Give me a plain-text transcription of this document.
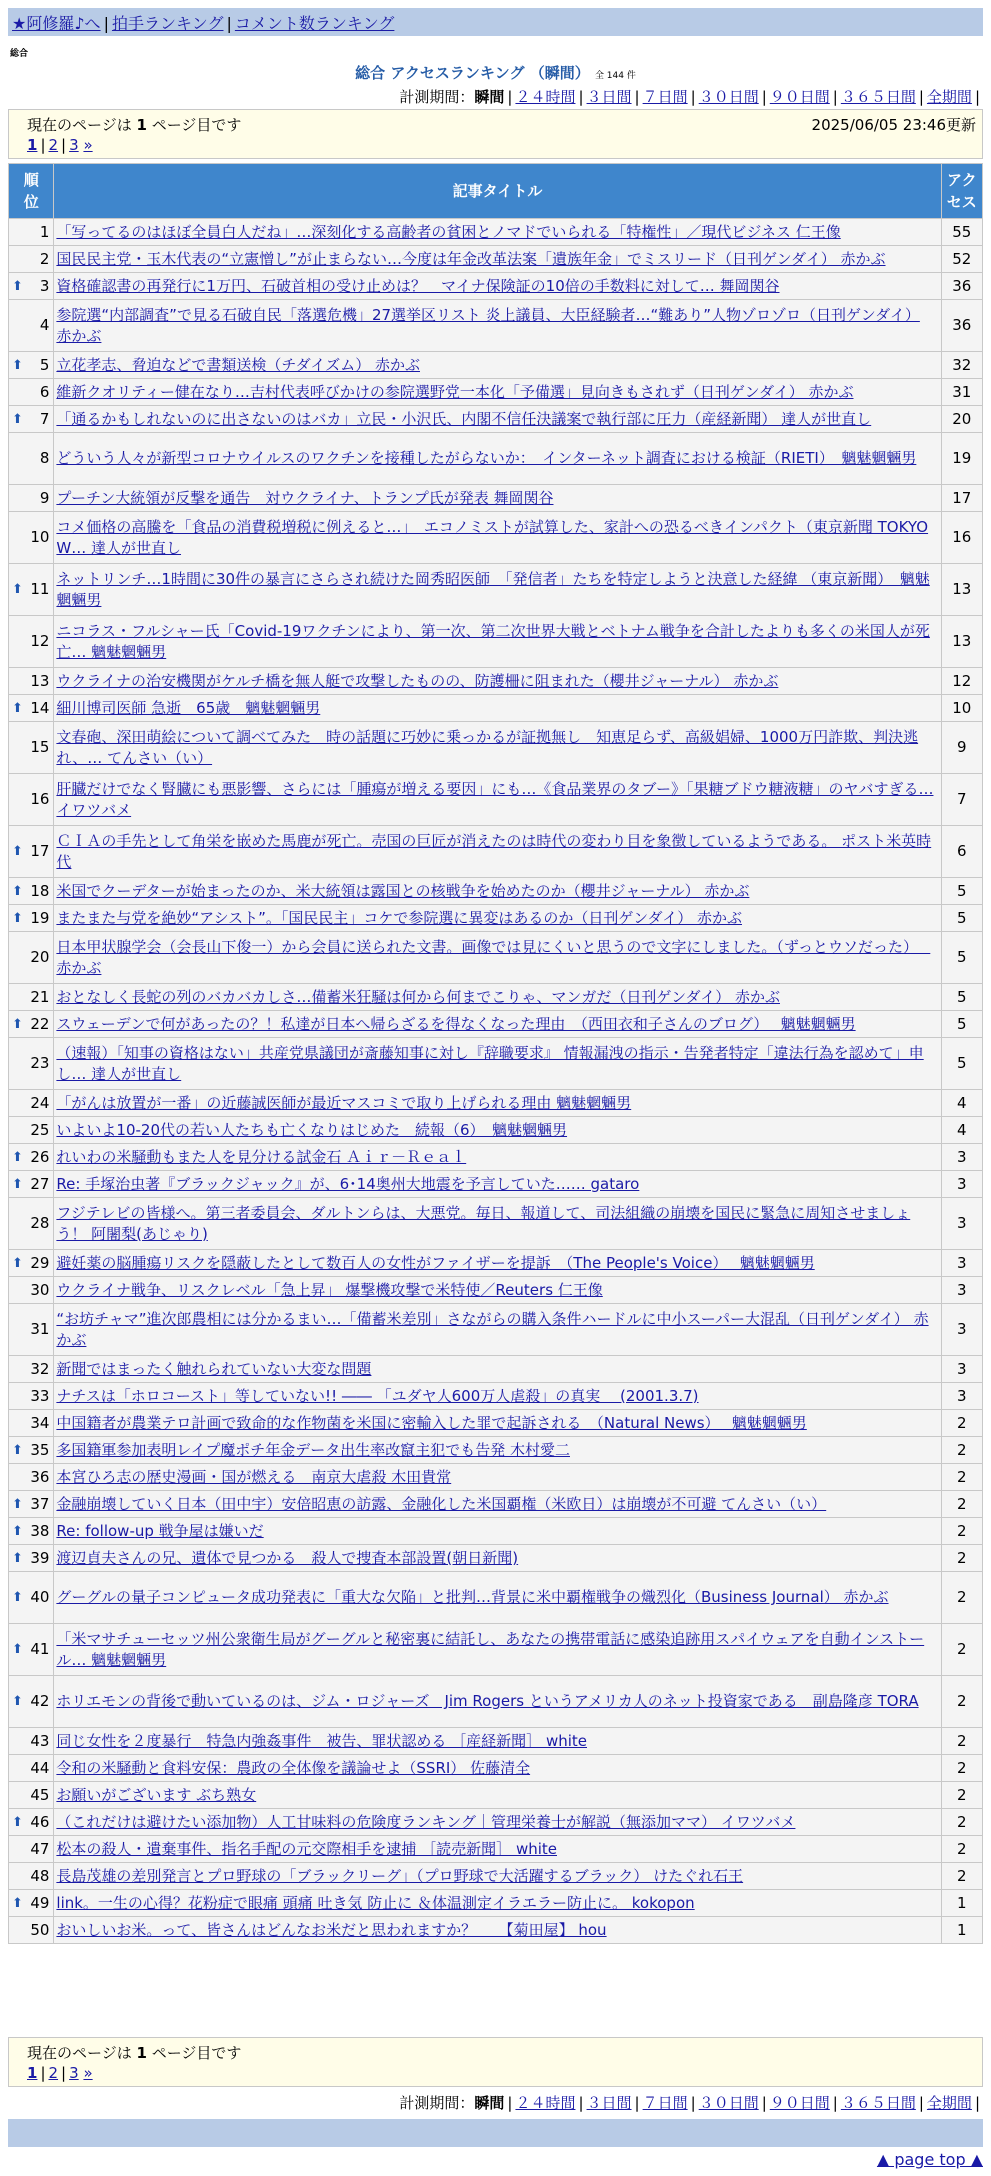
★阿修羅♪へ | 拍手ランキング | コメント数ランキング
総合
総合 アクセスランキング （瞬間） 全 144 件
計測期間：瞬間 | ２４時間 | ３日間 | ７日間 | ３０日間 | ９０日間 | ３６５日間 | 全期間 |
現在のページは 1 ページ目です	2025/06/05 23:46更新
1 | 2 | 3 »
順位	記事タイトル	アクセス
1	「写ってるのはほぼ全員白人だね」…深刻化する高齢者の貧困とノマドでいられる「特権性」／現代ビジネス 仁王像	55
2	国民民主党・玉木代表の“立憲憎し”が止まらない…今度は年金改革法案「遺族年金」でミスリード（日刊ゲンダイ） 赤かぶ	52

⬆ 3	資格確認書の再発行に1万円、石破首相の受け止めは？　マイナ保険証の10倍の手数料に対して… 舞岡関谷	36
4	参院選“内部調査”で見る石破自民「落選危機」27選挙区リスト 炎上議員、大臣経験者…“難あり”人物ゾロゾロ（日刊ゲンダイ） 赤かぶ	36

⬆ 5	立花孝志、脅迫などで書類送検（チダイズム） 赤かぶ	32
6	維新クオリティー健在なり…吉村代表呼びかけの参院選野党一本化「予備選」見向きもされず（日刊ゲンダイ） 赤かぶ	31

⬆ 7	「通るかもしれないのに出さないのはバカ」立民・小沢氏、内閣不信任決議案で執行部に圧力（産経新聞） 達人が世直し	20
8	どういう人々が新型コロナウイルスのワクチンを接種したがらないか：　インターネット調査における検証（RIETI）　魑魅魍魎男	19
9	プーチン大統領が反撃を通告　対ウクライナ、トランプ氏が発表 舞岡関谷	17
10	コメ価格の高騰を「食品の消費税増税に例えると…」　エコノミストが試算した、家計への恐るべきインパクト（東京新聞 TOKYO W… 達人が世直し	16

⬆ 11	ネットリンチ…1時間に30件の暴言にさらされ続けた岡秀昭医師　「発信者」たちを特定しようと決意した経緯 （東京新聞）　魑魅魍魎男	13
12	ニコラス・フルシャー氏「Covid-19ワクチンにより、第一次、第二次世界大戦とベトナム戦争を合計したよりも多くの米国人が死亡… 魑魅魍魎男	13
13	ウクライナの治安機関がケルチ橋を無人艇で攻撃したものの、防護柵に阻まれた（櫻井ジャーナル） 赤かぶ	12

⬆ 14	細川博司医師 急逝　65歳　魑魅魍魎男	10
15	文春砲、深田萌絵について調べてみた　時の話題に巧妙に乗っかるが証拠無し　知恵足らず、高級娼婦、1000万円詐欺、判決逃れ、… てんさい（い）	9
16	肝臓だけでなく腎臓にも悪影響、さらには「腫瘍が増える要因」にも…《食品業界のタブー》「果糖ブドウ糖液糖」のヤバすぎる… イワツバメ	7

⬆ 17	ＣＩＡの手先として角栄を嵌めた馬鹿が死亡。売国の巨匠が消えたのは時代の変わり目を象徴しているようである。 ポスト米英時代	6

⬆ 18	米国でクーデターが始まったのか、米大統領は露国との核戦争を始めたのか（櫻井ジャーナル） 赤かぶ	5

⬆ 19	またまた与党を絶妙“アシスト”。「国民民主」コケで参院選に異変はあるのか（日刊ゲンダイ） 赤かぶ	5
20	日本甲状腺学会（会長山下俊一）から会員に送られた文書。画像では見にくいと思うので文字にしました。（ずっとウソだった）　 赤かぶ	5
21	おとなしく長蛇の列のバカバカしさ…備蓄米狂騒は何から何までこりゃ、マンガだ（日刊ゲンダイ） 赤かぶ	5

⬆ 22	スウェーデンで何があったの？！私達が日本へ帰らざるを得なくなった理由　（西田衣和子さんのブログ）　 魑魅魍魎男	5
23	（速報）「知事の資格はない」共産党県議団が斎藤知事に対し『辞職要求』 情報漏洩の指示・告発者特定「違法行為を認めて」申し… 達人が世直し	5
24	「がんは放置が一番」の近藤誠医師が最近マスコミで取り上げられる理由 魑魅魍魎男	4
25	いよいよ10-20代の若い人たちも亡くなりはじめた　続報（6）　魑魅魍魎男	4

⬆ 26	れいわの米騒動もまた人を見分ける試金石 Ａｉｒ－Ｒｅａｌ	3

⬆ 27	Re: 手塚治虫著『ブラックジャック』が、6･14奥州大地震を予言していた…… gataro	3
28	フジテレビの皆様へ。第三者委員会、ダルトンらは、大悪党。毎日、報道して、司法組織の崩壊を国民に緊急に周知させましょう！ 阿闍梨(あじゃり)	3

⬆ 29	避妊薬の脳腫瘍リスクを隠蔽したとして数百人の女性がファイザーを提訴　（The People's Voice）　 魑魅魍魎男	3
30	ウクライナ戦争、リスクレベル「急上昇」 爆撃機攻撃で米特使／Reuters 仁王像	3
31	“お坊チャマ”進次郎農相には分かるまい…「備蓄米差別」さながらの購入条件ハードルに中小スーパー大混乱（日刊ゲンダイ） 赤かぶ	3
32	新聞ではまったく触れられていない大変な問題	3
33	ナチスは「ホロコースト」等していない!! ―― 「ユダヤ人600万人虐殺」の真実 　(2001.3.7)	3
34	中国籍者が農業テロ計画で致命的な作物菌を米国に密輸入した罪で起訴される　（Natural News）　 魑魅魍魎男	2

⬆ 35	多国籍軍参加表明レイプ魔ポチ年金データ出生率改竄主犯でも告発 木村愛二	2
36	本宮ひろ志の歴史漫画・国が燃える　南京大虐殺 木田貴常	2

⬆ 37	金融崩壊していく日本（田中宇）安倍昭恵の訪露、金融化した米国覇権（米欧日）は崩壊が不可避 てんさい（い）	2

⬆ 38	Re: follow-up 戦争屋は嫌いだ	2

⬆ 39	渡辺貞夫さんの兄、遺体で見つかる　殺人で捜査本部設置(朝日新聞)	2

⬆ 40	グーグルの量子コンピュータ成功発表に「重大な欠陥」と批判…背景に米中覇権戦争の熾烈化（Business Journal） 赤かぶ	2

⬆ 41	「米マサチューセッツ州公衆衛生局がグーグルと秘密裏に結託し、あなたの携帯電話に感染追跡用スパイウェアを自動インストール… 魑魅魍魎男	2

⬆ 42	ホリエモンの背後で動いているのは、ジム・ロジャーズ　Jim Rogers というアメリカ人のネット投資家である　副島隆彦 TORA	2
43	同じ女性を２度暴行　特急内強姦事件　被告、罪状認める ［産経新聞］ white	2
44	令和の米騒動と食料安保：農政の全体像を議論せよ（SSRI） 佐藤清全	2
45	お願いがございます ぶち熟女	2

⬆ 46	（これだけは避けたい添加物）人工甘味料の危険度ランキング｜管理栄養士が解説（無添加ママ） イワツバメ	2
47	松本の殺人・遺棄事件、指名手配の元交際相手を逮捕 ［読売新聞］ white	2
48	長島茂雄の差別発言とプロ野球の「ブラックリーグ」（プロ野球で大活躍するブラック） けたぐれ石王	2

⬆ 49	link。一生の心得？花粉症で眼痛 頭痛 吐き気 防止に ＆体温測定イラエラー防止に。 kokopon	1
50	おいしいお米。って、皆さんはどんなお米だと思われますか？　　【菊田屋】 hou	1
現在のページは 1 ページ目です
1 | 2 | 3 »
計測期間：瞬間 | ２４時間 | ３日間 | ７日間 | ３０日間 | ９０日間 | ３６５日間 | 全期間 |
▲ page top ▲
